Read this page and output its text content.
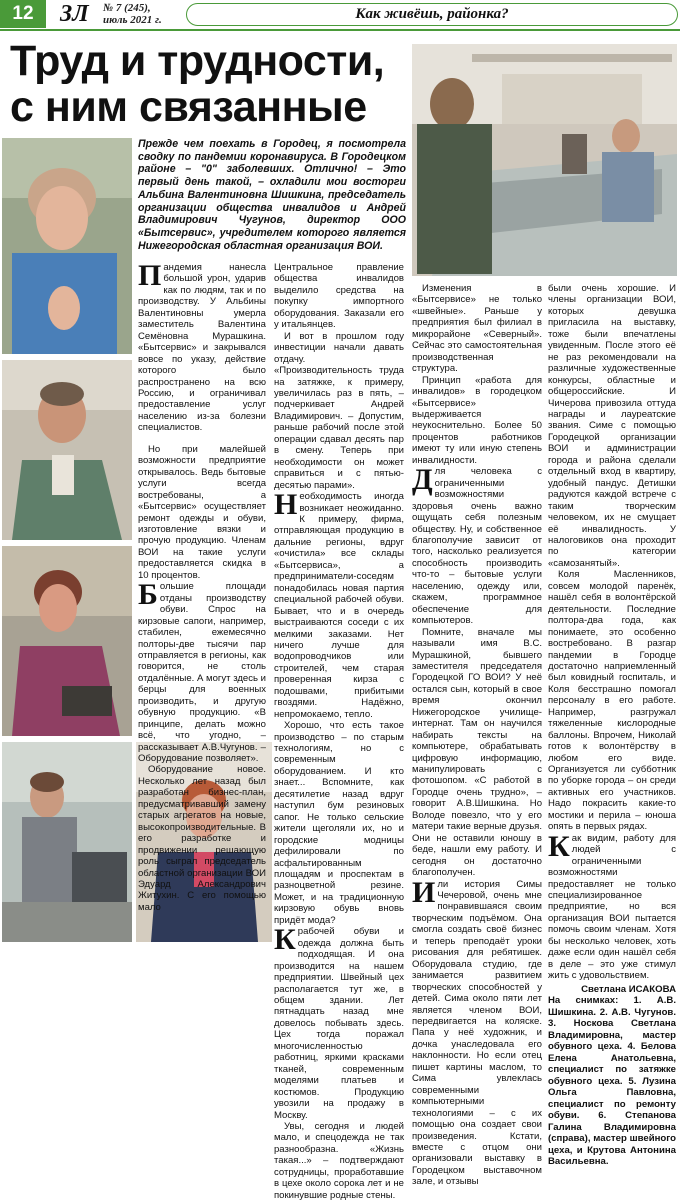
12	ЗЛ № 7 (245),
июль 2021 г.	Как живёшь, районка?
Труд и трудности, с ним связанные
Прежде чем поехать в Городец, я посмотрела сводку по пандемии коронавируса. В Городецком районе – "0" заболевших. Отлично! – Это первый день такой, – охладили мои восторги Альбина Валентиновна Шишкина, председатель организации общества инвалидов и Андрей Владимирович Чугунов, директор ООО «Бытсервис», учредителем которого является Нижегородская областная организация ВОИ.

Пандемия нанесла большой урон, ударив как по людям, так и по производству. У Альбины Валентиновны умерла заместитель Валентина Семёновна Мурашкина. «Бытсервис» и закрывался вовсе по указу, действие которого было распространено на всю Россию, и ограничивал предоставление услуг населению из-за болезни специалистов.

Но при малейшей возможности предприятие открывалось. Ведь бытовые услуги всегда востребованы, а «Бытсервис» осуществляет ремонт одежды и обуви, изготовление вязки и прочую продукцию. Членам ВОИ на такие услуги предоставляется скидка в 10 процентов.

Большие площади отданы производству обуви. Спрос на кирзовые сапоги, например, стабилен, ежемесячно полторы-две тысячи пар отправляется в регионы, как говорится, не столь отдалённые. А могут здесь и берцы для военных производить, и другую обувную продукцию. «В принципе, делать можно всё, что угодно, – рассказывает А.В.Чугунов. – Оборудование позволяет».

Оборудование новое. Несколько лет назад был разработан бизнес-план, предусматривавший замену старых агрегатов на новые, высокопроизводительные. В его разработке и продвижении решающую роль сыграл председатель областной организации ВОИ Эдуард Александрович Житухин. С его помощью мало

Центральное правление общества инвалидов выделило средства на покупку импортного оборудования. Заказали его у итальянцев.

И вот в прошлом году инвестиции начали давать отдачу. «Производительность труда на затяжке, к примеру, увеличилась раз в пять, – подчеркивает Андрей Владимирович. – Допустим, раньше рабочий после этой операции сдавал десять пар в смену. Теперь при необходимости он может справиться и с пятью-десятью парами».

Необходимость иногда возникает неожиданно. К примеру, фирма, отправляющая продукцию в дальние регионы, вдруг «очистила» все склады «Бытсервиса», а предприниматели-соседям понадобилась новая партия специальной рабочей обуви. Бывает, что и в очередь выстраиваются соседи с их мелкими заказами. Нет ничего лучше для водопроводчиков или строителей, чем старая проверенная кирза с подошвами, прибитыми гвоздями. Надёжно, непромокаемо, тепло.

Хорошо, что есть такое производство – по старым технологиям, но с современным оборудованием. И кто знает... Вспомните, как десятилетие назад вдруг наступил бум резиновых сапог. Не только сельские жители щеголяли их, но и городские модницы дефилировали по асфальтированным площадям и проспектам в разноцветной резине. Может, и на традиционную кирзовую обувь вновь придёт мода?

Крабочей обуви и одежда должна быть подходящая. И она производится на нашем предприятии. Швейный цех располагается тут же, в общем здании. Лет пятнадцать назад мне довелось побывать здесь. Цех тогда поражал многочисленностью работниц, яркими красками тканей, современным моделями платьев и костюмов. Продукцию увозили на продажу в Москву.

Увы, сегодня и людей мало, и спецодежда не так разнообразна. «Жизнь такая...» – подтверждают сотрудницы, проработавшие в цехе около сорока лет и не покинувшие родные стены.

Изменения в «Бытсервисе» не только «швейные». Раньше у предприятия был филиал в микрорайоне «Северный». Сейчас это самостоятельная производственная структура.

Принцип «работа для инвалидов» в городецком «Бытсервисе» выдерживается неукоснительно. Более 50 процентов работников имеют ту или иную степень инвалидности.

Для человека с ограниченными возможностями здоровья очень важно ощущать себя полезным обществу. Ну, и собственное благополучие зависит от того, насколько реализуется способность производить что-то – бытовые услуги населению, одежду или, скажем, программное обеспечение для компьютеров.

Помните, вначале мы называли имя В.С. Мурашкиной, бывшего заместителя председателя Городецкой ГО ВОИ? У неё остался сын, который в свое время окончил Нижегородское училище-интернат. Там он научился набирать тексты на компьютере, обрабатывать цифровую информацию, манипулировать с фотошопом. «С работой в Городце очень трудно», – говорит А.В.Шишкина. Но Володе повезло, что у его матери такие верные друзья. Они не оставили юношу в беде, нашли ему работу. И сегодня он достаточно благополучен.

Или история Симы Чечеровой, очень мне понравившаяся своим творческим подъёмом. Она смогла создать своё бизнес и теперь преподаёт уроки рисования для ребятишек. Оборудовала студию, где занимается развитием творческих способностей у детей. Сима около пяти лет является членом ВОИ, передвигается на коляске. Папа у неё художник, и дочка унаследовала его наклонности. Но если отец пишет картины маслом, то Сима увлеклась современными компьютерными технологиями – с их помощью она создает свои произведения. Кстати, вместе с отцом они организовали выставку в Городецком выставочном зале, и отзывы

были очень хорошие. И члены организации ВОИ, которых девушка пригласила на выставку, тоже были впечатлены увиденным. После этого её не раз рекомендовали на различные художественные конкурсы, областные и общероссийские. И Чичерова привозила оттуда награды и лауреатские звания. Симе с помощью Городецкой организации ВОИ и администрации города и района сделали отдельный вход в квартиру, удобный пандус. Детишки радуются каждой встрече с таким творческим человеком, их не смущает её инвалидность. У налоговиков она проходит по категории «самозанятый».

Коля Масленников, совсем молодой паренёк, нашёл себя в волонтёрской деятельности. Последние полтора-два года, как понимаете, это особенно востребовано. В разгар пандемии в Городце достаточно наприемленный был ковидный госпиталь, и Коля бесстрашно помогал персоналу в его работе. Например, разгружал тяжеленные кислородные баллоны. Впрочем, Николай готов к волонтёрству в любом его виде. Организуется ли субботник по уборке города – он среди активных его участников. Надо покрасить какие-то мостики и перила – юноша опять в первых рядах.

Как видим, работу для людей с ограниченными возможностями предоставляет не только специализированное предприятие, но вся организация ВОИ пытается помочь своим членам. Хотя бы несколько человек, хоть даже если один нашёл себя в деле – это уже стимул жить с удовольствием.

Светлана ИСАКОВА
На снимках: 1. А.В. Шишкина. 2. А.В. Чугунов. 3. Носкова Светлана Владимировна, мастер обувного цеха. 4. Белова Елена Анатольевна, специалист по затяжке обувного цеха. 5. Лузина Ольга Павловна, специалист по ремонту обуви. 6. Степанова Галина Владимировна (справа), мастер швейного цеха, и Крутова Антонина Васильевна.
